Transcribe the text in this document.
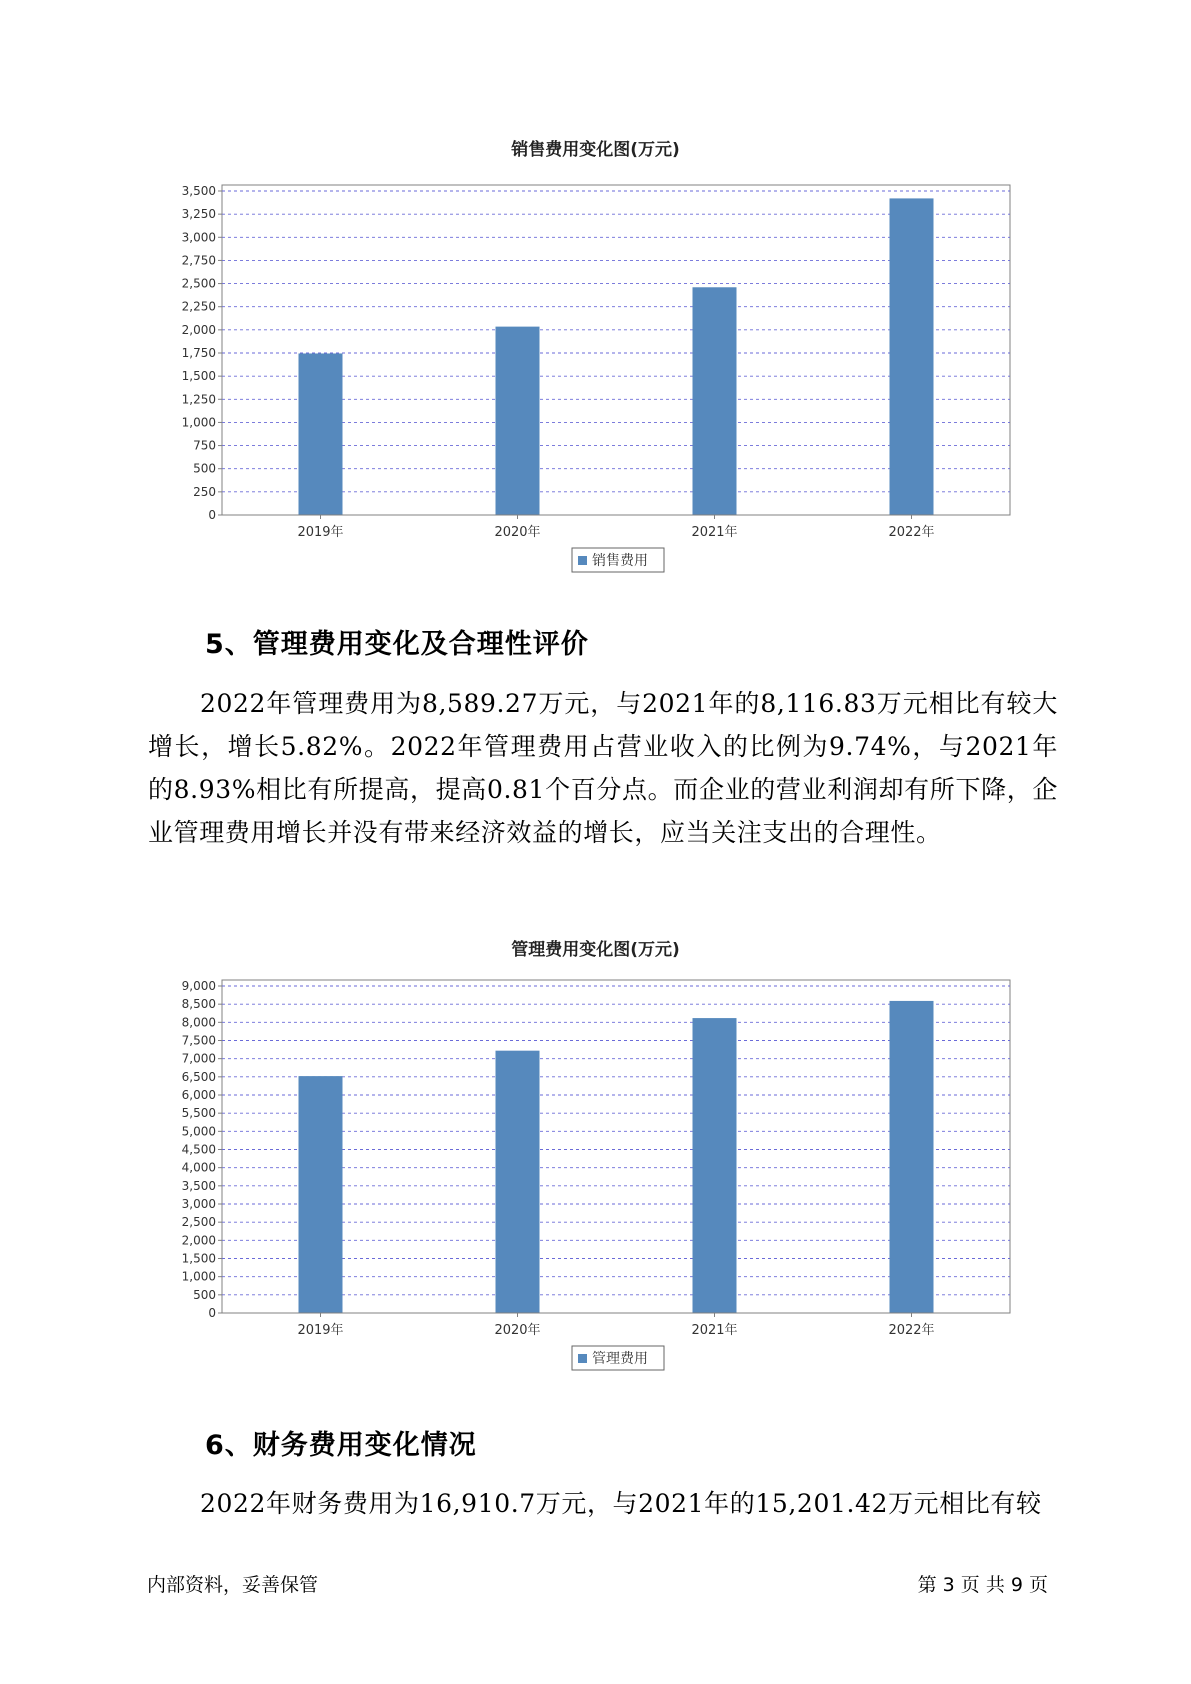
销售费用变化图(万元)
0
250
500
750
1,000
1,250
1,500
1,750
2,000
2,250
2,500
2,750
3,000
3,250
3,500
2019年	2020年	2021年	2022年
销售费用
5、管理费用变化及合理性评价
2022年管理费用为8,589.27万元，与2021年的8,116.83万元相比有较大增长，增长5.82%。2022年管理费用占营业收入的比例为9.74%，与2021年的8.93%相比有所提高，提高0.81个百分点。而企业的营业利润却有所下降，企业管理费用增长并没有带来经济效益的增长，应当关注支出的合理性。
管理费用变化图(万元)
0
500
1,000
1,500
2,000
2,500
3,000
3,500
4,000
4,500
5,000
5,500
6,000
6,500
7,000
7,500
8,000
8,500
9,000
2019年	2020年	2021年	2022年
管理费用
6、财务费用变化情况
2022年财务费用为16,910.7万元，与2021年的15,201.42万元相比有较
内部资料，妥善保管	第 3 页 共 9 页
